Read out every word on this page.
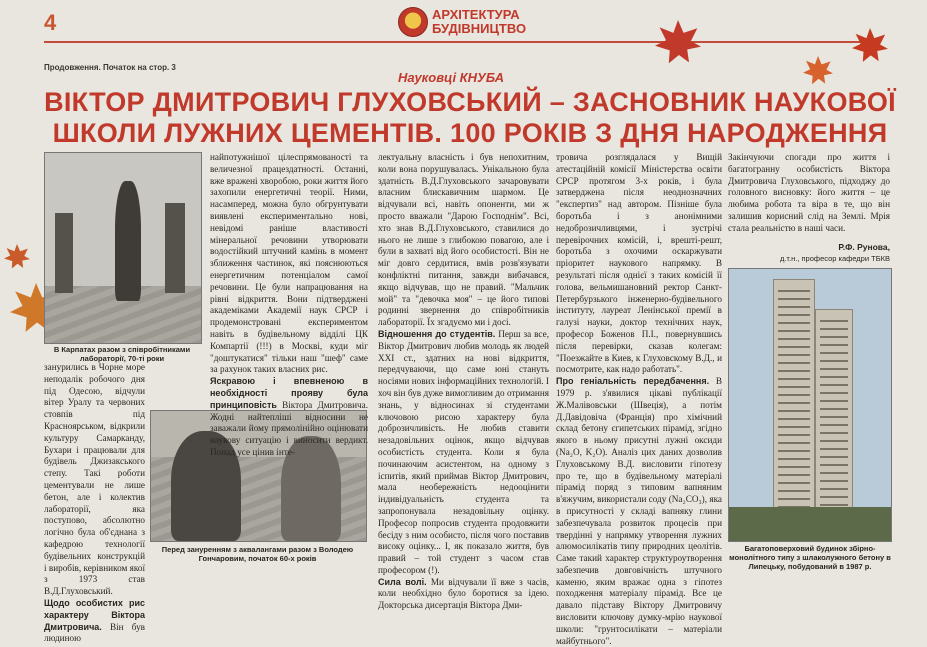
4	АРХІТЕКТУРА
БУДІВНИЦТВО
Продовження. Початок на стор. 3
Науковці КНУБА
ВІКТОР ДМИТРОВИЧ ГЛУХОВСЬКИЙ – ЗАСНОВНИК НАУКОВОЇ
ШКОЛИ ЛУЖНИХ ЦЕМЕНТІВ. 100 РОКІВ З ДНЯ НАРОДЖЕННЯ
В Карпатах разом з співробітниками лабораторії, 70-ті роки
Перед зануренням з аквалангами разом з Володею Гончаровим, початок 60-х років
Багатоповерховий будинок збірно-монолітного типу з шлаколужного бетону в Липецьку, побудований в 1987 р.

занурились в Чорне море неподалік робочого дня під Одесою, відчули вітер Уралу та червоних стовпів під Красноярськом, відкрили культуру Самарканду, Бухари і працювали для будівель Джизакського степу. Такі роботи цементували не лише бетон, але і колектив лабораторії, яка поступово, абсолютно логічно була об'єднана з кафедрою технології будівельних конструкцій і виробів, керівником якої з 1973 став В.Д.Глуховський.

Щодо особистих рис характеру Віктора Дмитровича. Він був людиною

найпотужнішої цілеспрямованості та величезної працездатності. Останні, вже вражені хворобою, роки життя його захопили енергетичні теорії. Ними, насамперед, можна було обгрунтувати виявлені експериментально нові, невідомі раніше властивості мінеральної речовини утворювати водостійкий штучний камінь в момент зближення частинок, які пояснюються енергетичним потенціалом самої речовини. Це були напрацювання на рівні відкриття. Вони підтверджені академіками Академії наук СРСР і продемонстровані експериментом навіть в будівельному відділі ЦК Компартії (!!!) в Москві, куди міг "доштукатися" тільки наш "шеф" саме за рахунок таких власних рис.

Яскравою і впевненою в необхідності прояву була принциповість Віктора Дмитровича. Жодні найтепліші відносини не заважали йому прямолінійно оцінювати наукову ситуацію і виносити вердикт. Понад усе цінив інте-

лектуальну власність і був непохитним, коли вона порушувалась. Унікальною була здатність В.Д.Глуховського зачаровувати власним блискавичним шармом. Це відчували всі, навіть опоненти, ми ж просто вважали "Дарою Господнім". Всі, хто знав В.Д.Глуховського, ставилися до нього не лише з глибокою повагою, але і були в захваті від його особистості. Він не міг довго сердитися, вмів розв'язувати конфліктні питання, завжди вибачався, якщо відчував, що не правий. "Мальчик мой" та "девочка моя" – це його типові родинні звернення до співробітників лабораторії. Їх згадуємо ми і досі.

Відношення до студентів. Перш за все, Віктор Дмитрович любив молодь як людей XXI ст., здатних на нові відкриття, передчуваючи, що саме юні стануть носіями нових інформаційних технологій. І хоч він був дуже вимогливим до отримання знань, у відносинах зі студентами ключовою рисою характеру була доброзичливість. Не любив ставити незадовільних оцінок, якщо відчував особистість студента. Коли я була починаючим асистентом, на одному з іспитів, який приймав Віктор Дмитрович, мала необережність недооцінити індивідуальність студента та запропонувала незадовільну оцінку. Професор попросив студента продовжити бесіду з ним особисто, після чого поставив високу оцінку... І, як показало життя, був правий – той студент з часом став професором (!).

Сила волі. Ми відчували її вже з часів, коли необхідно було боротися за ідею. Докторська дисертація Віктора Дми-

тровича розглядалася у Вищій атестаційній комісії Міністерства освіти СРСР протягом 3-х років, і була затверджена після неоднозначних "експертиз" над автором. Пізніше була боротьба і з анонімними недоброзичливцями, і зустрічі перевірочних комісій, і, врешті-решт, боротьба з охочими оскаржувати пріоритет наукового напрямку. В результаті після однієї з таких комісій її голова, вельмишановний ректор Санкт-Петербурзького інженерно-будівельного інституту, лауреат Ленінської премії в галузі науки, доктор технічних наук, професор Боженов П.І., повернувшись після перевірки, сказав колегам: "Поезжайте в Киев, к Глуховскому В.Д., и посмотрите, как надо работать".

Про геніальність передбачення. В 1979 р. з'явилися цікаві публікації Ж.Малівовськи (Швеція), а потім Д.Давідовіча (Франція) про хімічний склад бетону єгипетських пірамід, згідно якого в ньому присутні лужні оксиди (Na₂O, K₂O). Аналіз цих даних дозволив Глуховському В.Д. висловити гіпотезу про те, що в будівельному матеріалі пірамід поряд з типовим вапняним в'яжучим, використали соду (Na₂CO₃), яка в присутності у складі вапняку глини забезпечувала розвиток процесів при твердінні у напрямку утворення лужних алюмосилікатів типу природних цеолітів. Саме такий характер структуроутворення забезпечив довговічність штучного каменю, яким вражає одна з гіпотез походження матеріалу пірамід. Все це давало підставу Віктору Дмитровичу висловити ключову думку-мрію наукової школи: "грунтосилікати – матеріали майбутнього".

Закінчуючи спогади про життя і багатогранну особистість Віктора Дмитровича Глуховського, підходжу до головного висновку: його життя – це любима робота та віра в те, що він залишив корисний слід на Землі. Мрія стала реальністю в наші часи.

Р.Ф. Рунова,
д.т.н., професор кафедри ТБКВ
